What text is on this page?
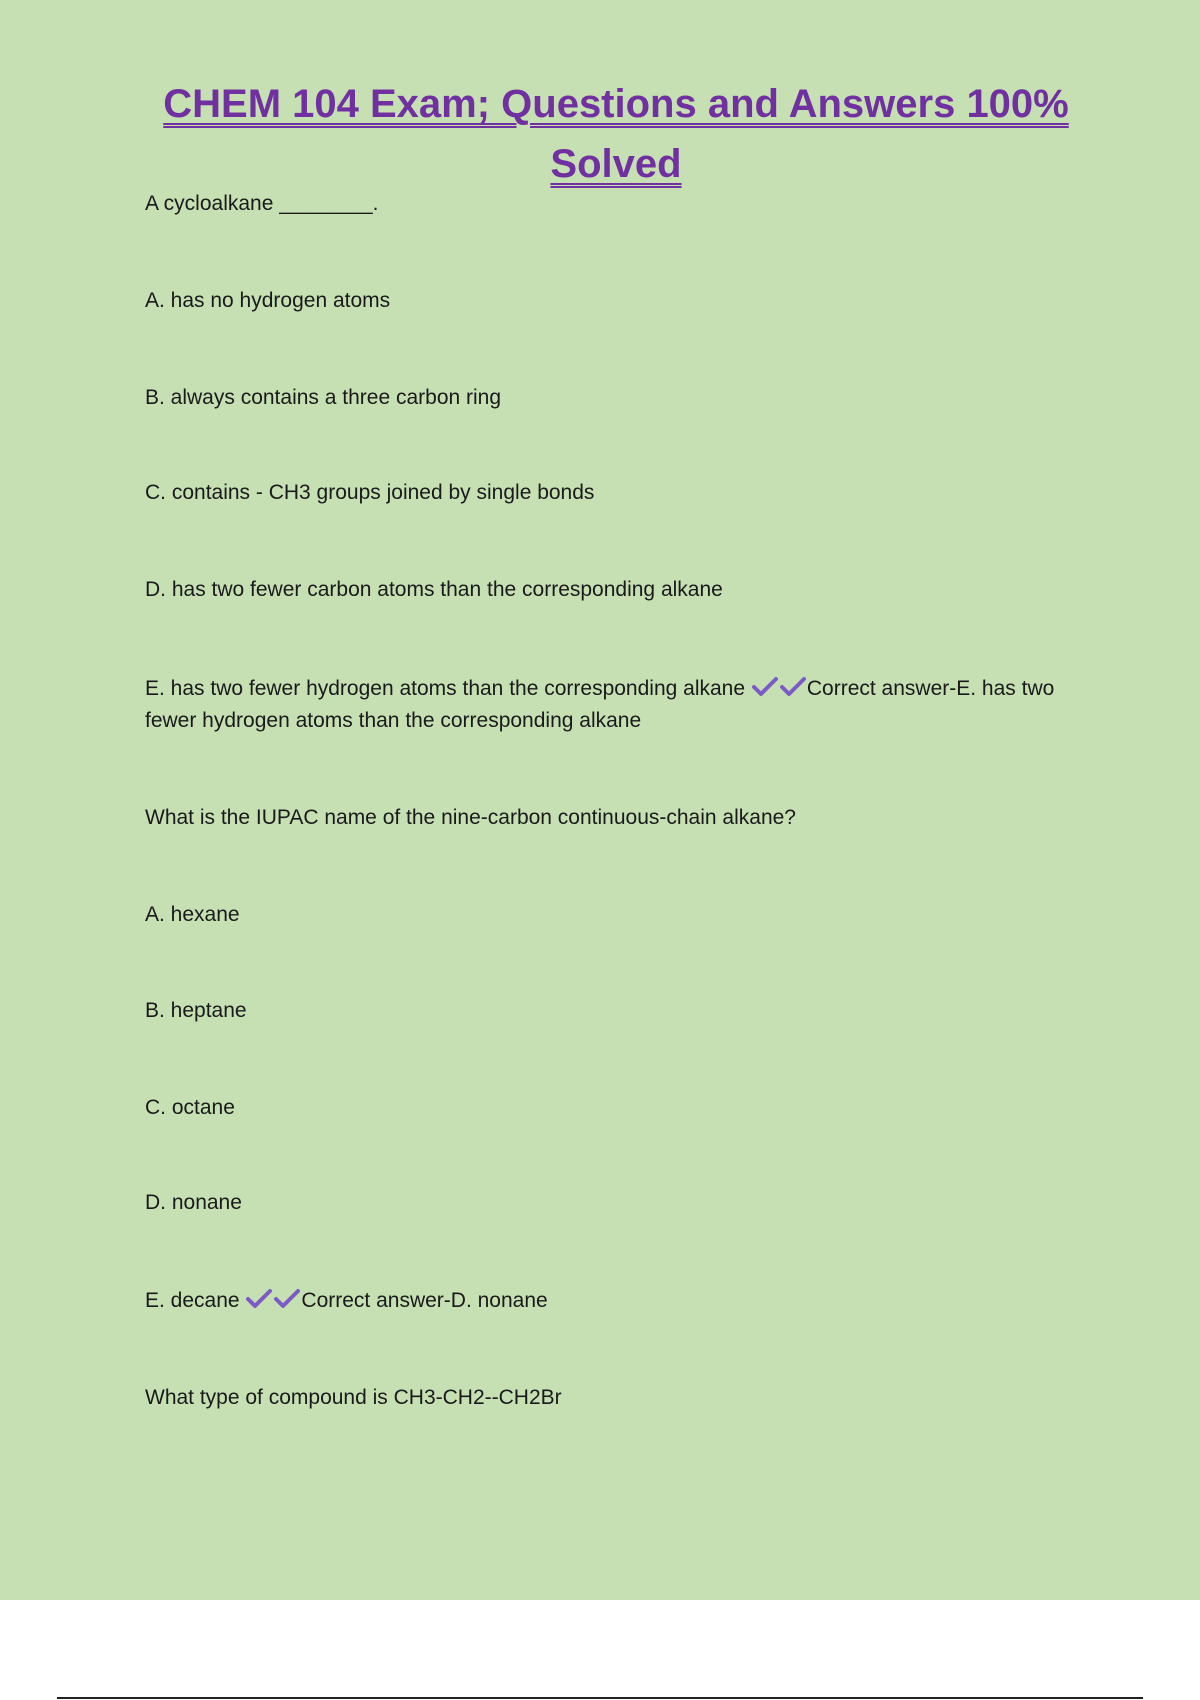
CHEM 104 Exam; Questions and Answers 100% Solved
A cycloalkane ________.
A. has no hydrogen atoms
B. always contains a three carbon ring
C. contains - CH3 groups joined by single bonds
D. has two fewer carbon atoms than the corresponding alkane
E. has two fewer hydrogen atoms than the corresponding alkane	Correct answer-E. has two fewer hydrogen atoms than the corresponding alkane
What is the IUPAC name of the nine-carbon continuous-chain alkane?
A. hexane
B. heptane
C. octane
D. nonane
E. decane	Correct answer-D. nonane
What type of compound is CH3-CH2--CH2Br
